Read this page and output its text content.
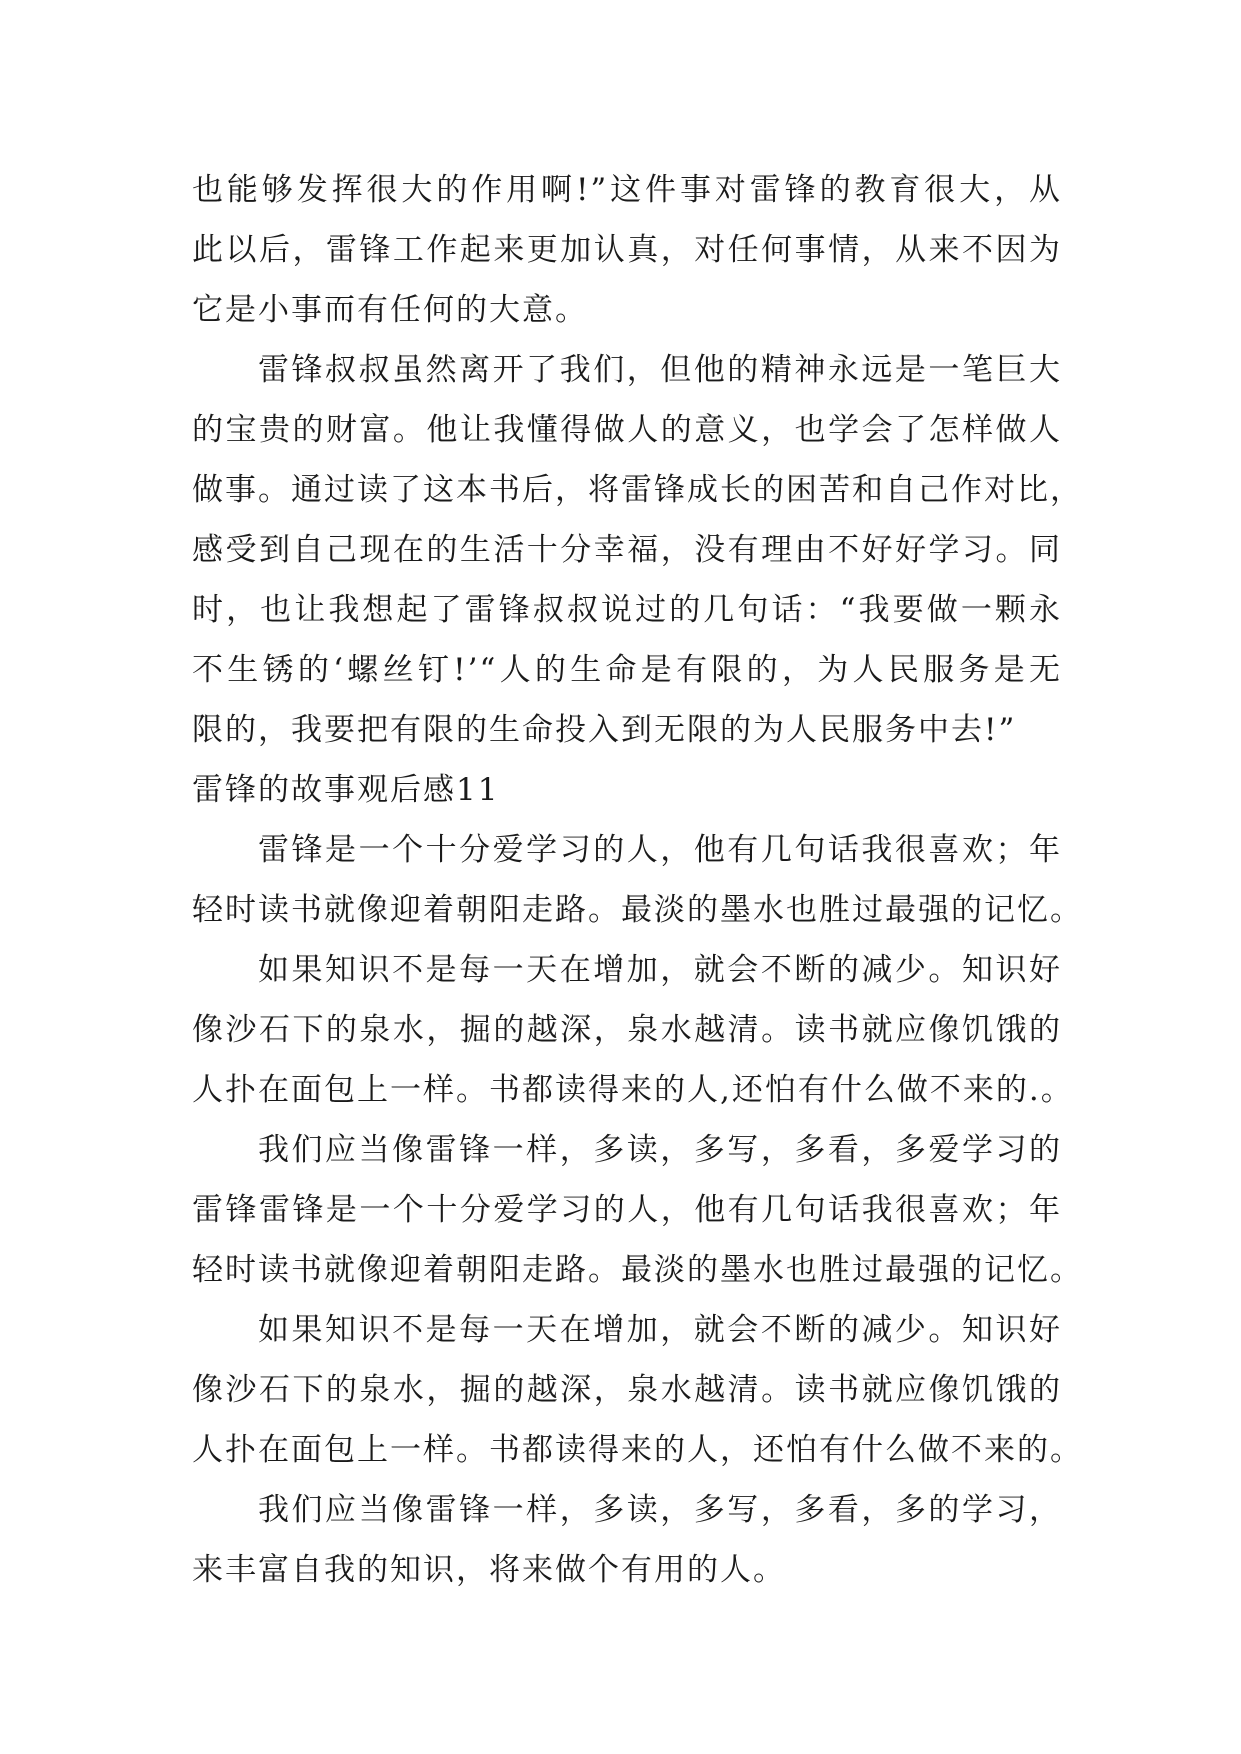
也能够发挥很大的作用啊!”这件事对雷锋的教育很大，从
此以后，雷锋工作起来更加认真，对任何事情，从来不因为
它是小事而有任何的大意。
雷锋叔叔虽然离开了我们，但他的精神永远是一笔巨大
的宝贵的财富。他让我懂得做人的意义，也学会了怎样做人
做事。通过读了这本书后，将雷锋成长的困苦和自己作对比，
感受到自己现在的生活十分幸福，没有理由不好好学习。同
时，也让我想起了雷锋叔叔说过的几句话：“我要做一颗永
不生锈的‘螺丝钉!’“人的生命是有限的，为人民服务是无
限的，我要把有限的生命投入到无限的为人民服务中去!”
雷锋的故事观后感11
雷锋是一个十分爱学习的人，他有几句话我很喜欢；年
轻时读书就像迎着朝阳走路。最淡的墨水也胜过最强的记忆。
如果知识不是每一天在增加，就会不断的减少。知识好
像沙石下的泉水，掘的越深，泉水越清。读书就应像饥饿的
人扑在面包上一样。书都读得来的人,还怕有什么做不来的.。
我们应当像雷锋一样，多读，多写，多看，多爱学习的
雷锋雷锋是一个十分爱学习的人，他有几句话我很喜欢；年
轻时读书就像迎着朝阳走路。最淡的墨水也胜过最强的记忆。
如果知识不是每一天在增加，就会不断的减少。知识好
像沙石下的泉水，掘的越深，泉水越清。读书就应像饥饿的
人扑在面包上一样。书都读得来的人，还怕有什么做不来的。
我们应当像雷锋一样，多读，多写，多看，多的学习，
来丰富自我的知识，将来做个有用的人。
